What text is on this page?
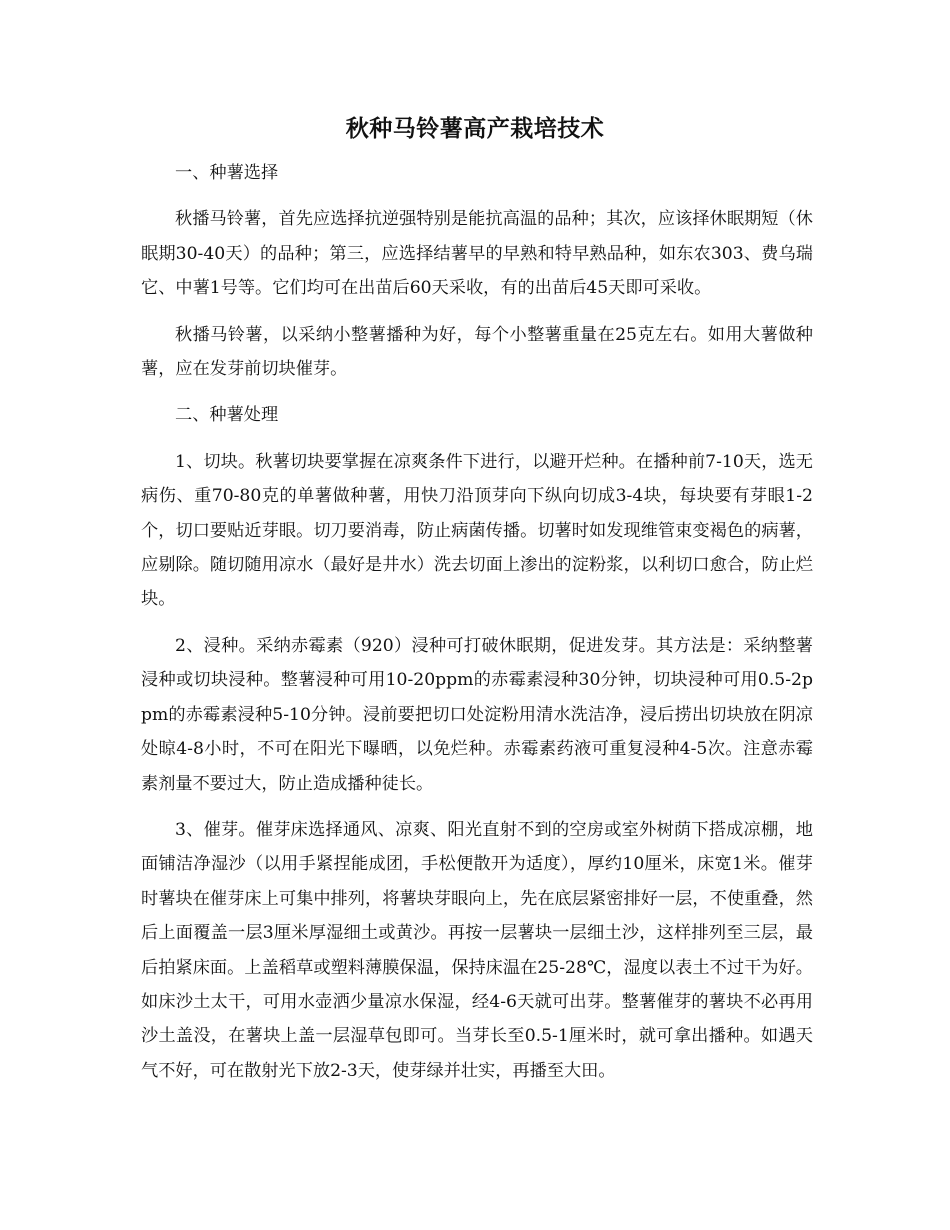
秋种马铃薯高产栽培技术
一、种薯选择

秋播马铃薯，首先应选择抗逆强特别是能抗高温的品种；其次，应该择休眠期短（休眠期30-40天）的品种；第三，应选择结薯早的早熟和特早熟品种，如东农303、费乌瑞它、中薯1号等。它们均可在出苗后60天采收，有的出苗后45天即可采收。

秋播马铃薯，以采纳小整薯播种为好，每个小整薯重量在25克左右。如用大薯做种薯，应在发芽前切块催芽。

二、种薯处理

1、切块。秋薯切块要掌握在凉爽条件下进行，以避开烂种。在播种前7-10天，选无病伤、重70-80克的单薯做种薯，用快刀沿顶芽向下纵向切成3-4块，每块要有芽眼1-2个，切口要贴近芽眼。切刀要消毒，防止病菌传播。切薯时如发现维管束变褐色的病薯，应剔除。随切随用凉水（最好是井水）洗去切面上渗出的淀粉浆，以利切口愈合，防止烂块。

2、浸种。采纳赤霉素（920）浸种可打破休眠期，促进发芽。其方法是：采纳整薯浸种或切块浸种。整薯浸种可用10-20ppm的赤霉素浸种30分钟，切块浸种可用0.5-2ppm的赤霉素浸种5-10分钟。浸前要把切口处淀粉用清水洗洁净，浸后捞出切块放在阴凉处晾4-8小时，不可在阳光下曝晒，以免烂种。赤霉素药液可重复浸种4-5次。注意赤霉素剂量不要过大，防止造成播种徒长。

3、催芽。催芽床选择通风、凉爽、阳光直射不到的空房或室外树荫下搭成凉棚，地面铺洁净湿沙（以用手紧捏能成团，手松便散开为适度），厚约10厘米，床宽1米。催芽时薯块在催芽床上可集中排列，将薯块芽眼向上，先在底层紧密排好一层，不使重叠，然后上面覆盖一层3厘米厚湿细土或黄沙。再按一层薯块一层细土沙，这样排列至三层，最后拍紧床面。上盖稻草或塑料薄膜保温，保持床温在25-28℃，湿度以表土不过干为好。如床沙土太干，可用水壶洒少量凉水保湿，经4-6天就可出芽。整薯催芽的薯块不必再用沙土盖没，在薯块上盖一层湿草包即可。当芽长至0.5-1厘米时，就可拿出播种。如遇天气不好，可在散射光下放2-3天，使芽绿并壮实，再播至大田。
